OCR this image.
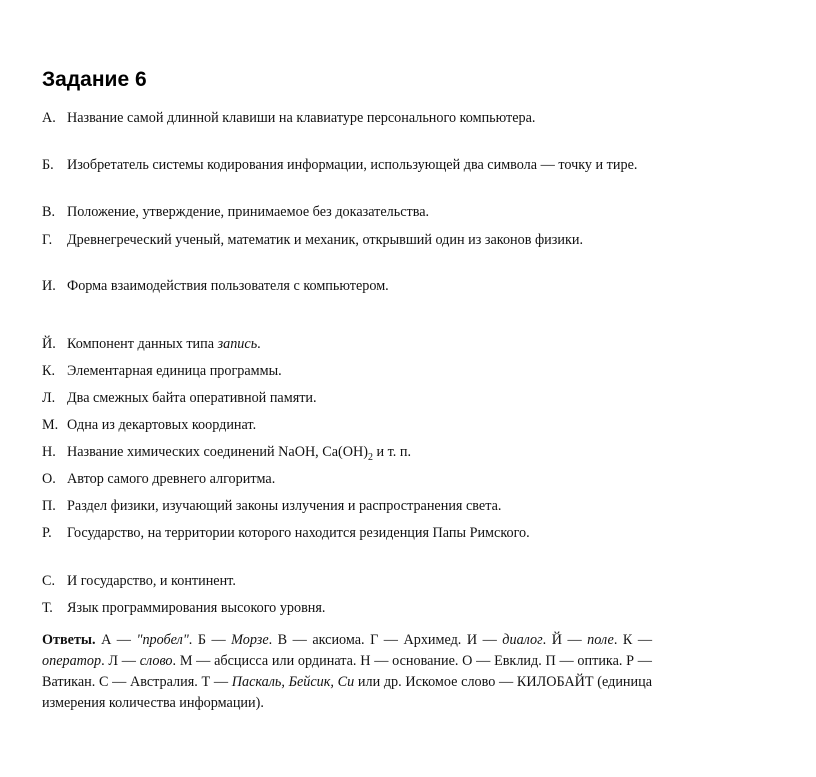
Задание 6
А. Название самой длинной клавиши на клавиатуре персонального компьютера.
Б. Изобретатель системы кодирования информации, использующей два символа — точку и тире.
В. Положение, утверждение, принимаемое без доказательства.
Г. Древнегреческий ученый, математик и механик, открывший один из законов физики.
И. Форма взаимодействия пользователя с компьютером.
Й. Компонент данных типа запись.
К. Элементарная единица программы.
Л. Два смежных байта оперативной памяти.
М. Одна из декартовых координат.
Н. Название химических соединений NaOH, $Ca(OH)_2$ и т. п.
О. Автор самого древнего алгоритма.
П. Раздел физики, изучающий законы излучения и распространения света.
Р. Государство, на территории которого находится резиденция Папы Римского.
С. И государство, и континент.
Т. Язык программирования высокого уровня.
Ответы. А — "пробел". Б — Морзе. В — аксиома. Г — Архимед. И — диалог. Й — поле. К — оператор. Л — слово. М — абсцисса или ордината. Н — основание. О — Евклид. П — оптика. Р — Ватикан. С — Австралия. Т — Паскаль, Бейсик, Си или др. Искомое слово — КИЛОБАЙТ (единица измерения количества информации).
